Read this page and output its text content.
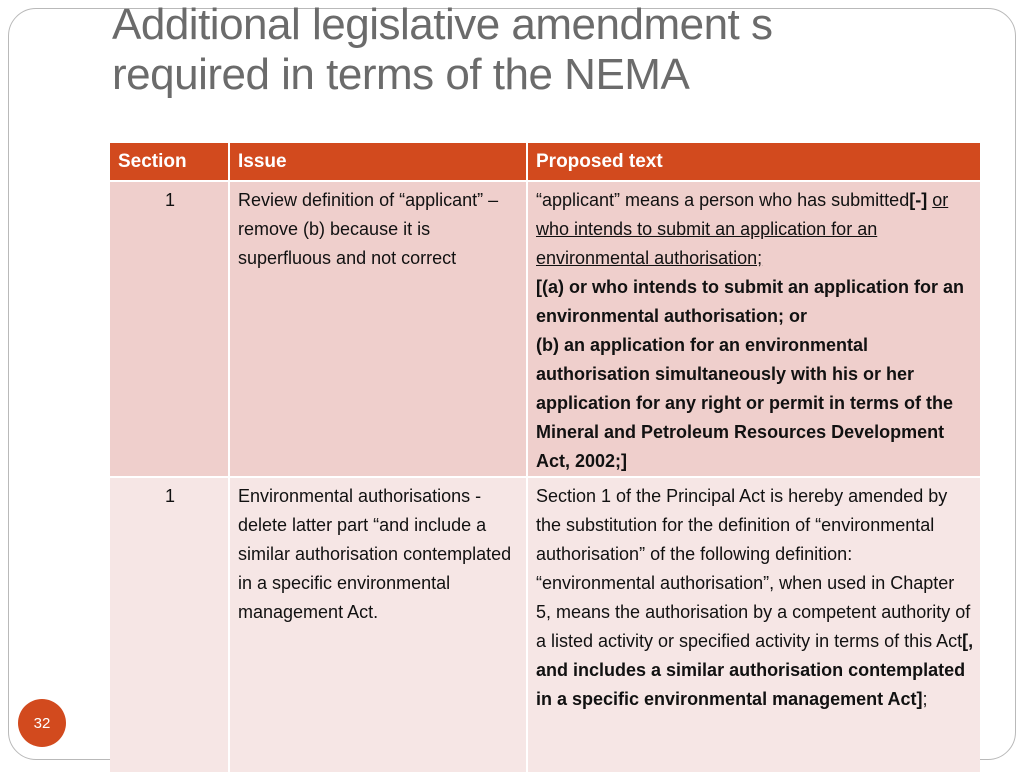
Additional legislative amendment s
required in terms of the NEMA
Section	Issue	Proposed text
1	Review definition of “applicant” – remove (b) because it is superfluous and not correct	“applicant” means a person who has submitted[-] or who intends to submit an application for an environmental authorisation;
[(a) or who intends to submit an application for an environmental authorisation; or
(b) an application for an environmental authorisation simultaneously with his or her application for any right or permit in terms of the Mineral and Petroleum Resources Development Act, 2002;]
1	Environmental authorisations - delete latter part “and include a similar authorisation contemplated in a specific environmental management Act.	Section 1 of the Principal Act is hereby amended by the substitution for the definition of “environmental authorisation” of the following definition:
“environmental authorisation”, when used in Chapter 5, means the authorisation by a competent authority of a listed activity or specified activity in terms of this Act[, and includes a similar authorisation contemplated in a specific environmental management Act];
32
